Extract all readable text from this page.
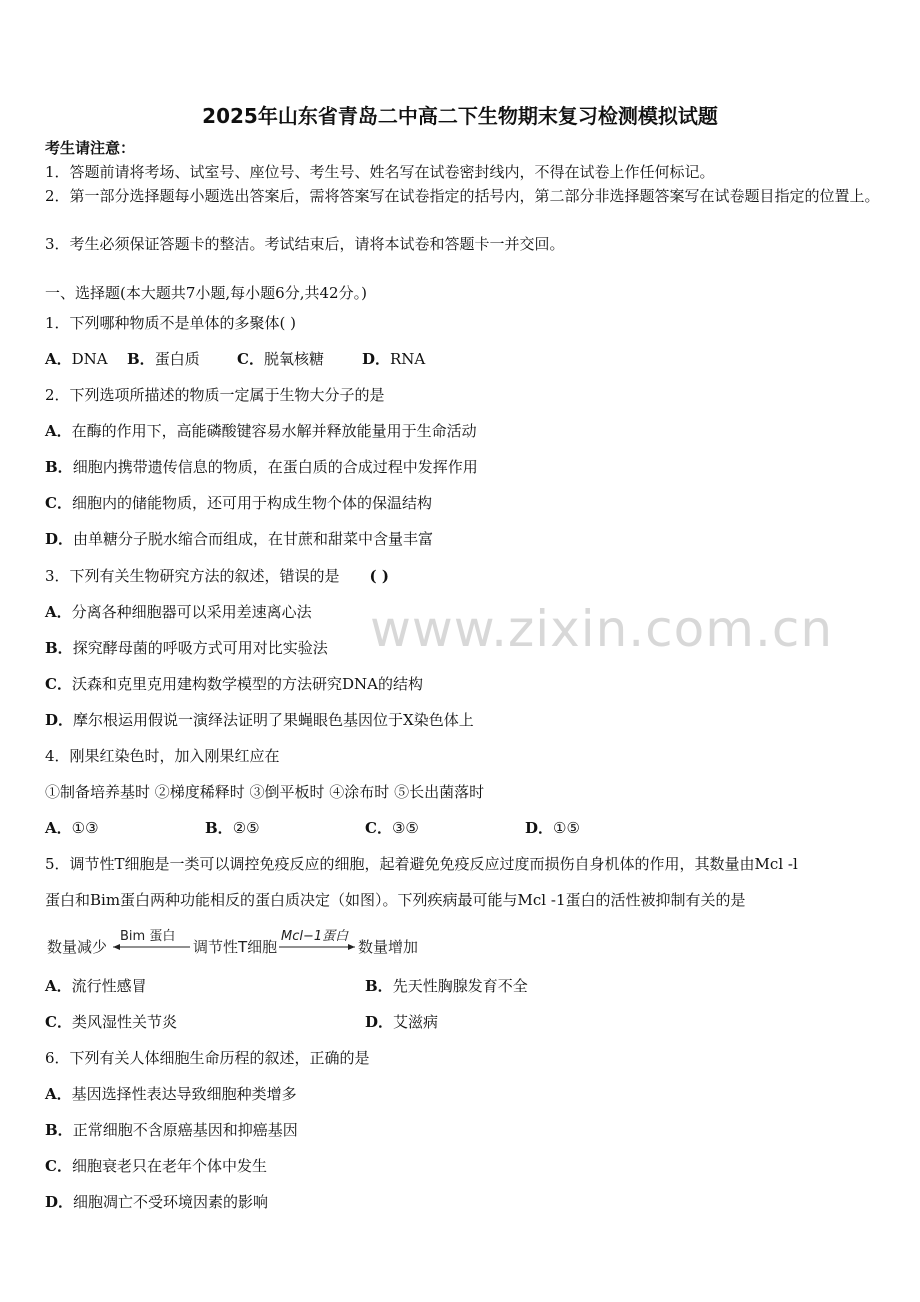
2025年山东省青岛二中高二下生物期末复习检测模拟试题
考生请注意：
1．答题前请将考场、试室号、座位号、考生号、姓名写在试卷密封线内，不得在试卷上作任何标记。
2．第一部分选择题每小题选出答案后，需将答案写在试卷指定的括号内，第二部分非选择题答案写在试卷题目指定的位置上。
3．考生必须保证答题卡的整洁。考试结束后，请将本试卷和答题卡一并交回。
一、选择题(本大题共7小题,每小题6分,共42分。)
www.zixin.com.cn
1．下列哪种物质不是单体的多聚体( )
A．DNA B．蛋白质 C．脱氧核糖	D．RNA
2．下列选项所描述的物质一定属于生物大分子的是
A．在酶的作用下，高能磷酸键容易水解并释放能量用于生命活动
B．细胞内携带遗传信息的物质，在蛋白质的合成过程中发挥作用
C．细胞内的储能物质，还可用于构成生物个体的保温结构
D．由单糖分子脱水缩合而组成，在甘蔗和甜菜中含量丰富
3．下列有关生物研究方法的叙述，错误的是 ( )
A．分离各种细胞器可以采用差速离心法
B．探究酵母菌的呼吸方式可用对比实验法
C．沃森和克里克用建构数学模型的方法研究DNA的结构
D．摩尔根运用假说一演绎法证明了果蝇眼色基因位于X染色体上
4．刚果红染色时，加入刚果红应在
①制备培养基时 ②梯度稀释时 ③倒平板时 ④涂布时 ⑤长出菌落时
A．①③	B．②⑤	C．③⑤	D．①⑤
5．调节性T细胞是一类可以调控免疫反应的细胞，起着避免免疫反应过度而损伤自身机体的作用，其数量由Mcl -l
蛋白和Bim蛋白两种功能相反的蛋白质决定（如图）。下列疾病最可能与Mcl -1蛋白的活性被抑制有关的是
数量减少
Bim 蛋白
调节性T细胞
Mcl−1蛋白
数量增加
A．流行性感冒	B．先天性胸腺发育不全
C．类风湿性关节炎	D．艾滋病
6．下列有关人体细胞生命历程的叙述，正确的是
A．基因选择性表达导致细胞种类增多
B．正常细胞不含原癌基因和抑癌基因
C．细胞衰老只在老年个体中发生
D．细胞凋亡不受环境因素的影响
